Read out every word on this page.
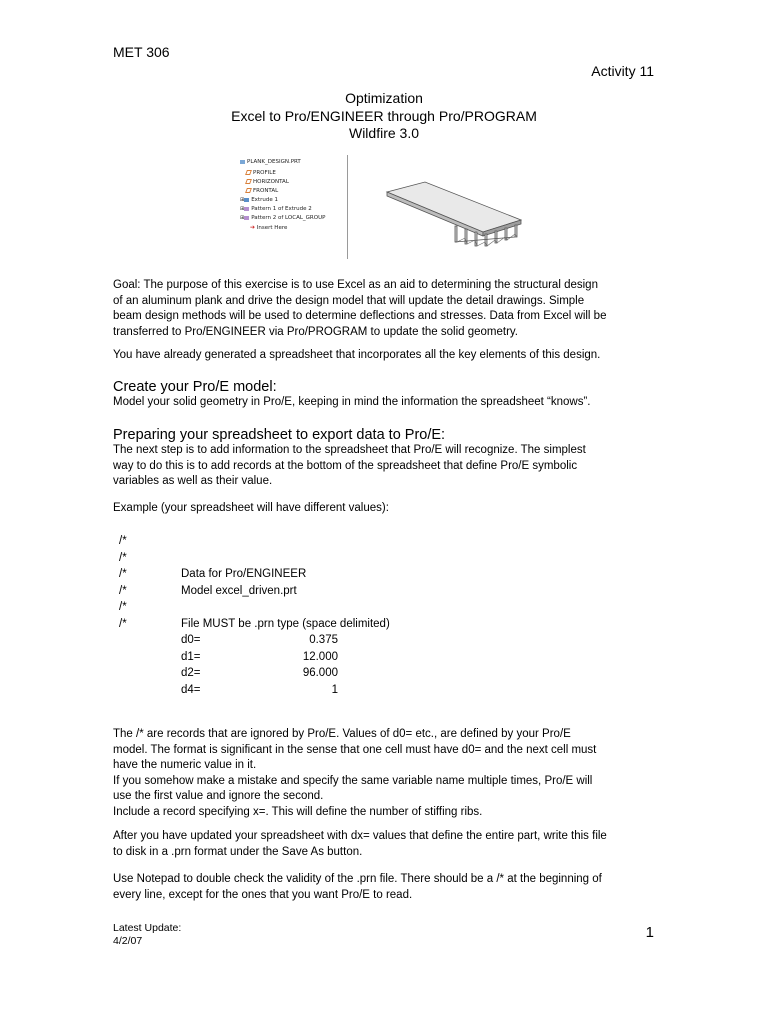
MET 306
Activity 11
Optimization
Excel to Pro/ENGINEER through Pro/PROGRAM
Wildfire 3.0
PLANK_DESIGN.PRT
PROFILE
HORIZONTAL
FRONTAL
⊞ Extrude 1
⊞ Pattern 1 of Extrude 2
⊞ Pattern 2 of LOCAL_GROUP
➔ Insert Here
Goal: The purpose of this exercise is to use Excel as an aid to determining the structural design
of an aluminum plank and drive the design model that will update the detail drawings. Simple
beam design methods will be used to determine deflections and stresses. Data from Excel will be
transferred to Pro/ENGINEER via Pro/PROGRAM to update the solid geometry.
You have already generated a spreadsheet that incorporates all the key elements of this design.
Create your Pro/E model:
Model your solid geometry in Pro/E, keeping in mind the information the spreadsheet “knows”.
Preparing your spreadsheet to export data to Pro/E:
The next step is to add information to the spreadsheet that Pro/E will recognize. The simplest
way to do this is to add records at the bottom of the spreadsheet that define Pro/E symbolic
variables as well as their value.
Example (your spreadsheet will have different values):
/*
/*
/*	Data for Pro/ENGINEER
/*	Model excel_driven.prt
/*
/*	File MUST be .prn type (space delimited)
d0=	0.375
d1=	12.000
d2=	96.000
d4=	1
The /* are records that are ignored by Pro/E. Values of d0= etc., are defined by your Pro/E
model. The format is significant in the sense that one cell must have d0= and the next cell must
have the numeric value in it.
If you somehow make a mistake and specify the same variable name multiple times, Pro/E will
use the first value and ignore the second.
Include a record specifying x=. This will define the number of stiffing ribs.
After you have updated your spreadsheet with dx= values that define the entire part, write this file
to disk in a .prn format under the Save As button.
Use Notepad to double check the validity of the .prn file. There should be a /* at the beginning of
every line, except for the ones that you want Pro/E to read.
Latest Update:
4/2/07	1
